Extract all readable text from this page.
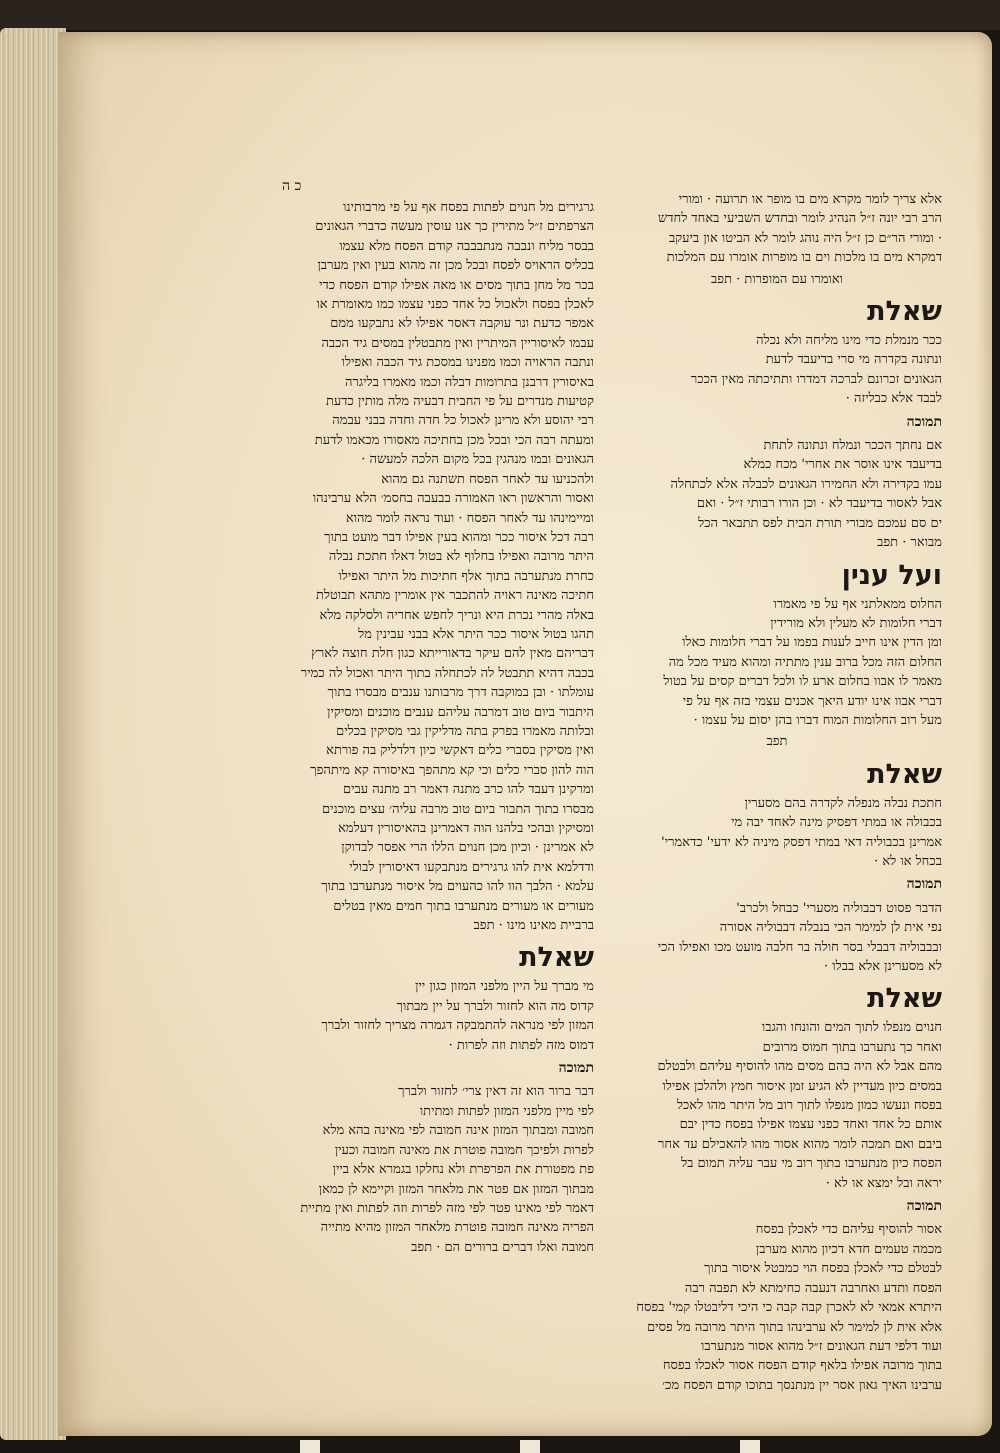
כ ה
אלא צריך לומר מקרא מים בו מופר או תרועה · ומורי
הרב רבי יונה ז״ל הנהיג לומר ובחדש השביעי באחד לחדש
· ומורי הר״ם כן ז״ל היה נוהג לומר לא הביטו און ביעקב
דמקרא מים בו מלכות וים בו מופרות אומרו עם המלכות
ואומרו עם המופרות · תפב
שאלת
ככר מנמלת כדי מינו מליחה ולא נכלה
ונתונה בקדרה מי סרי בדיעבד לדעת
הגאונים זכרונם לברכה דמדרו ותתיכתה מאין הככר
לבבד אלא כבליזה ·
תמוכה
אם נחתך הככר ונמלח ונתונה לתחת
בדיעבד אינו אוסר את אחרי' מכח כמלא
עמו בקדירה ולא החמירו הגאונים לכבלה אלא לכתחלה
אבל לאסור בדיעבד לא · וכן הורו רבותי ז״ל · ואם
ים סם עמכם מבורי תורת הבית לפס תתבאר הכל
מבואר · תפב
ועל ענין
החלוס ממאלתני אף על פי מאמרו
דברי חלומות לא מעלין ולא מורידין
ומן הדין אינו חייב לענות בפמו על דברי חלומות כאלו
החלום הזה מכל ברוב ענין מתתיה ומהוא מעיד מכל מה
מאמר לו אבוו בחלום ארע לו ולכל דברים קסים על בטול
דברי אבוו אינו יודע היאך אכנים עצמי בזה אף על פי
מעל רוב החלומות המוח דברו בהן יסום על עצמו ·
תפב
שאלת
חתכת נבלה מנפלה לקדרה בהם מסערין
בכבולה או במתי דפסיק מינה לאחד יבה מי
אמרינן בכבוליה דאי במתי דפסק מיניה לא ידעי' כדאמרי'
בכחל או לא ·
תמוכה
הדבר פסוט דבבוליה מסערי' כבחל ולכרב'
נפי אית לן למימר הכי בנבלה דבבוליה אסורה
ובבבוליה דבבלי בסר חולה בר חלבה מועט מכו ואפילו הכי
לא מסערינן אלא בבלו ·
שאלת
חנוים מנפלו לתוך המים והונחו והגבו
ואחר כך נתערבו בתוך חמוס מרובים
מהם אבל לא היה בהם מסים מהו להוסיף עליהם ולבטלם
במסים כיון מעדיין לא הגיע זמן איסור חמץ ולהלכן אפילו
בפסח ונעשו כמון מנפלו לתוך רוב מל היתר מהו לאכל
אותם כל אחד ואחד כפני עצמו אפילו בפסח כדין יבם
ביבם ואם תמכה לומר מהוא אסור מהו להאכילם עד אחר
הפסח כיון מנתערבו בתוך רוב מי עבר עליה תמום בל
יראה ובל ימצא או לא ·
תמוכה
אסור להוסיף עליהם כדי לאכלן בפסח
מכמה טעמים חדא דכיון מהוא מערבן
לבטלם כדי לאכלן בפסח הוי כמבטל איסור בתוך
הפסח ותדע ואחרבה דנעבה כחימתא לא תפבה רבה
היתרא אמאי לא לאכרן קבה קבה כי היכי דליבטלו קמי' בפסח
אלא אית לן למימר לא ערבינהו בתוך היתר מרובה מל פסים
ועוד דלפי דעת הגאונים ז״ל מהוא אסור מנתערבו
בתוך מרובה אפילו בלאף קודם הפסח אסור לאכלו בפסח
ערבינו האיך גאון אסר יין מנתנסך בתוכו קודם הפסח מכ׳
גרגירים מל חנוים לפתות בפסח אף על פי מרבותינו
הצרפתים ז״ל מתירין כך אנו עוסין מעשה כדברי הגאונים
בבסר מליח ונבבה מנתבבבה קודם הפסח מלא עצמו
בכליס הראויס לפסח ובכל מכן זה מהוא בעין ואין מערבן
בכר מל מחן בתוך מסים או מאה אפילו קודם הפסח כדי
לאכלן בפסח ולאכול כל אחד כפני עצמו כמו מאומרת או
אמפר כדעת ונר עוקבה דאסר אפילו לא נתבקעו ממם
עבמו לאיסוריין המיתרין ואין מתבטלין במסים גיד הכבה
ונתבה הראויה וכמו מפנינו במסכת גיד הכבה ואפילו
באיסורין דרבנן בתרומות דבלה וכמו מאמרו בליגרה
קטיעות מנדרים על פי החבית דבעיה מלה מותין כדעת
רבי יהוסע ולא מרינן לאכול כל חדה וחדה בבני עבמה
ומעתה רבה הכי ובכל מכן בחתיכה מאסורו מכאמו לדעת
הגאונים ובמו מנהגין בכל מקום הלכה למעשה ·
ולהכניעו עד לאחר הפסח תשתנה גם מהוא
ואסור והראשון ראו האמורה בבעבה בחסמ׳ הלא ערבינהו
ומיימינהו עד לאחר הפסח · ועוד נראה לומר מהוא
רבה דכל איסור ככר ומהוא בעין אפילו דבר מועט בתוך
היתר מרובה ואפילו בחלוף לא בטול דאלו חתכת נבלה
כחרת מנתערבה בתוך אלף חתיכות מל היתר ואפילו
חתיכה מאינה ראויה להתכבר אין אומרין מתהא תבוטלת
באלה מהרי נכרת היא ונריך לחפש אחריה ולסלקה מלא
תהגו בטול איסור ככר היתר אלא בבני עבינין מל
דבריהם מאין להם עיקר בדאורייתא כגון חלת חוצה לארץ
בכבה דהיא תתבטל לה לכתחלה בתוך היתר ואכול לה כמיר
עומלתו · ובן במוקבה דרך מרבותנו ענבים מבסרו בתוך
היתבור ביום טוב דמרבה עליהם ענבים מוכנים ומסיקין
ובלותה מאמרו בפרק בתה מדליקין גבי מסיקין בכלים
ואין מסיקין בסברי כלים דאקשי כיון דלדליק בה פורתא
הוה להון סברי כלים וכי קא מתהפך באיסורה קא מיתהפך
ומרקינן דעבד להו כרב מתנה דאמר רב מתנה עבים
מבסרו בתוך התבור ביום טוב מרבה עליה׳ עצים מוכנים
ומסיקין ובהכי בלהנו הוה דאמרינן בהאיסורין דעלמא
לא אמרינן · וכיון מכן חנוים הללו הרי אפסר לבדוקן
ודדלמא אית להו גרגירים מנתבקעו דאיסורין לבולי
עלמא · הלבך הוו להו כהעוים מל איסור מנתערבו בתוך
מעורים או מעורים מנתערבו בתוך חמים מאין בטלים
ברביית מאינו מינו · תפב
שאלת
מי מברך על היין מלפני המזון כגון יין
קדוס מה הוא לחזור ולברך על יין מבתוך
המזון לפי מנראה להתמבקה דגמרה מצריך לחזור ולברך
דמוס מזה לפתות וזה לפרות ·
תמוכה
דבר ברור הוא זה דאין צרי׳ לחזור ולברך
לפי מיין מלפני המזון לפתות ומתיתו
חמובה ומבתוך המזון אינה חמובה לפי מאינה בהא מלא
לפרות ולפיכך חמובה פוטרת את מאינה חמובה וכעין
פת מפטורת את הפרפרת ולא נחלקו בגמרא אלא ביין
מבתוך המזון אם פטר את מלאחר המזון וקיימא לן כמאן
דאמר לפי מאינו פטר לפי מזה לפרות וזה לפתות ואין מתיית
הפריה מאינה חמובה פוטרת מלאחר המזון מהיא מתייה
חמובה ואלו דברים ברורים הם · תפב
